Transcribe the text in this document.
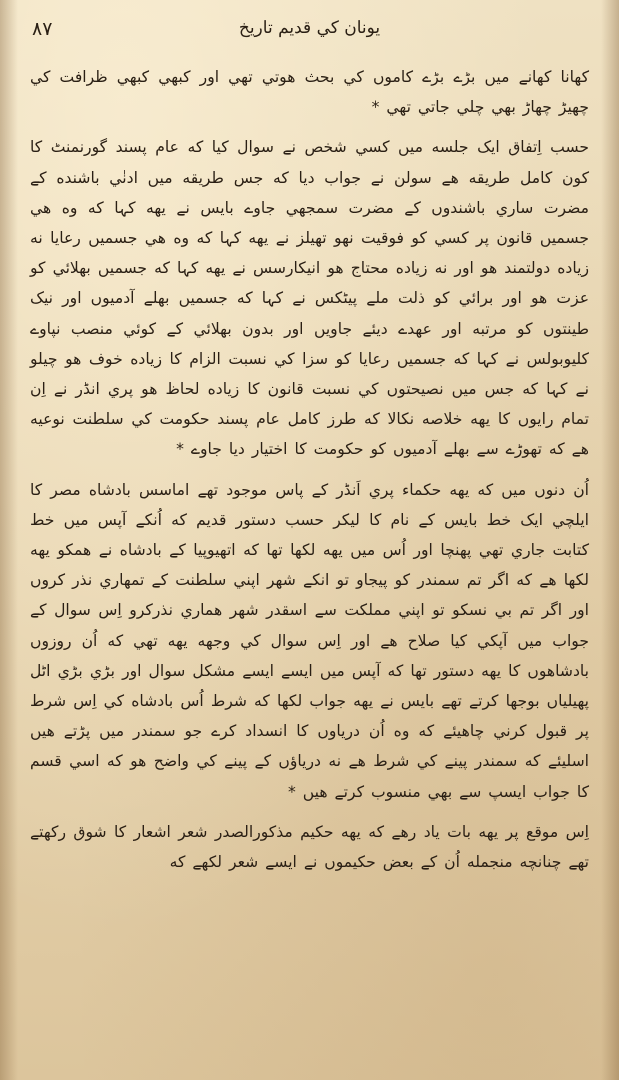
۸۷	یونان کي قدیم تاریخ

کهانا کهانے میں بڑے بڑے کاموں کي بحث هوتي تهي اور کبهي کبهي ظرافت کي چهیڑ چهاڑ بهي چلي جاتي تهي *

حسب اِتفاق ایک جلسه میں کسي شخص نے سوال کیا که عام پسند گورنمنٹ کا کون کامل طریقه هے سولن نے جواب دیا که جس طریقه میں ادنٰي باشنده کے مضرت ساري باشندوں کے مضرت سمجهي جاوے بایس نے یهه کہا که وه هي جسمیں قانون پر کسي کو فوقیت نهو تهیلز نے یهه کہا که وه هي جسمیں رعایا نه زیاده دولتمند هو اور نه زیاده محتاج هو انیکارسس نے یهه کہا که جسمیں بهلائي کو عزت هو اور برائي کو ذلت ملے پیٹکس نے کہا که جسمیں بهلے آدمیوں اور نیک طینتوں کو مرتبه اور عهدے دیئے جاویں اور بدون بهلائي کے کوئي منصب نپاوے کلیوبولس نے کہا که جسمیں رعایا کو سزا کي نسبت الزام کا زیاده خوف هو چیلو نے کہا که جس میں نصیحتوں کي نسبت قانون کا زیاده لحاظ هو پري انڈر نے اِن تمام رایوں کا یهه خلاصه نکالا که طرز کامل عام پسند حکومت کي سلطنت نوعیه هے که تهوڑے سے بهلے آدمیوں کو حکومت کا اختیار دیا جاوے *

اُن دنوں میں که یهه حکماء پري اَنڈر کے پاس موجود تهے اماسس بادشاه مصر کا ایلچي ایک خط بایس کے نام کا لیکر حسب دستور قدیم که اُنکے آپس میں خط کتابت جاري تهي پهنچا اور اُس میں یهه لکها تها که اتهیوپیا کے بادشاه نے همکو یهه لکها هے که اگر تم سمندر کو پیجاو تو انکے شهر اپني سلطنت کے تمهاري نذر کروں اور اگر تم بي نسکو تو اپني مملکت سے اسقدر شهر هماري نذرکرو اِس سوال کے جواب میں آپکي کیا صلاح هے اور اِس سوال کي وجهه یهه تهي که اُن روزوں بادشاهوں کا یهه دستور تها که آپس میں ایسے ایسے مشکل سوال اور بڑي بڑي اٹل پهیلیاں بوجها کرتے تهے بایس نے یهه جواب لکها که شرط اُس بادشاه کي اِس شرط پر قبول کرني چاهیئے که وه اُن دریاوں کا انسداد کرے جو سمندر میں پڑتے هیں اسلیئے که سمندر پینے کي شرط هے نه دریاؤں کے پینے کي واضح هو که اسي قسم کا جواب ایسپ سے بهي منسوب کرتے هیں *

اِس موقع پر یهه بات یاد رهے که یهه حکیم مذکورالصدر شعر اشعار کا شوق رکهتے تهے چنانچه منجمله اُن کے بعض حکیموں نے ایسے شعر لکهے که
